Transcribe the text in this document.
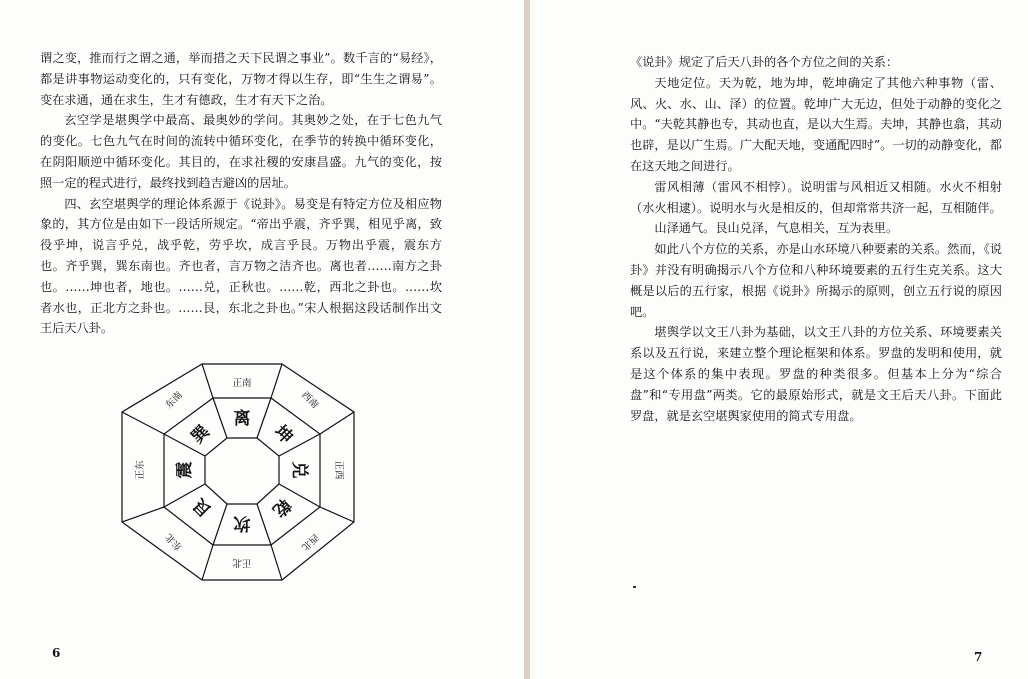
谓之变，推而行之谓之通，举而措之天下民谓之事业”。数千言的“易经》，都是讲事物运动变化的，只有变化，万物才得以生存，即“生生之谓易”。变在求通，通在求生，生才有德政，生才有天下之治。

玄空学是堪舆学中最高、最奥妙的学问。其奥妙之处，在于七色九气的变化。七色九气在时间的流转中循环变化，在季节的转换中循环变化，在阴阳顺逆中循环变化。其目的，在求社稷的安康昌盛。九气的变化，按照一定的程式进行，最终找到趋吉避凶的居址。

四、玄空堪舆学的理论体系源于《说卦》。易变是有特定方位及相应物象的，其方位是由如下一段话所规定。“帝出乎震，齐乎巽，相见乎离，致役乎坤，说言乎兑，战乎乾，劳乎坎，成言乎艮。万物出乎震，震东方也。齐乎巽，巽东南也。齐也者，言万物之洁齐也。离也者……南方之卦也。……坤也者，地也。……兑，正秋也。……乾，西北之卦也。……坎者水也，正北方之卦也。……艮，东北之卦也。”宋人根据这段话制作出文王后天八卦。

正南
西南
正西
西北
正北
东北
正东
东南
离
坤
兑
乾
坎
艮
震
巽
6

《说卦》规定了后天八卦的各个方位之间的关系：

天地定位。天为乾，地为坤，乾坤确定了其他六种事物（雷、风、火、水、山、泽）的位置。乾坤广大无边，但处于动静的变化之中。“夫乾其静也专，其动也直，是以大生焉。夫坤，其静也翕，其动也辟，是以广生焉。广大配天地，变通配四时”。一切的动静变化，都在这天地之间进行。

雷风相薄（雷风不相悖）。说明雷与风相近又相随。水火不相射（水火相逮）。说明水与火是相反的，但却常常共济一起，互相随伴。

山泽通气。艮山兑泽，气息相关，互为表里。

如此八个方位的关系，亦是山水环境八种要素的关系。然而，《说卦》并没有明确揭示八个方位和八种环境要素的五行生克关系。这大概是以后的五行家，根据《说卦》所揭示的原则，创立五行说的原因吧。

堪舆学以文王八卦为基础，以文王八卦的方位关系、环境要素关系以及五行说，来建立整个理论框架和体系。罗盘的发明和使用，就是这个体系的集中表现。罗盘的种类很多。但基本上分为“综合盘”和“专用盘”两类。它的最原始形式，就是文王后天八卦。下面此罗盘，就是玄空堪舆家使用的简式专用盘。

7
